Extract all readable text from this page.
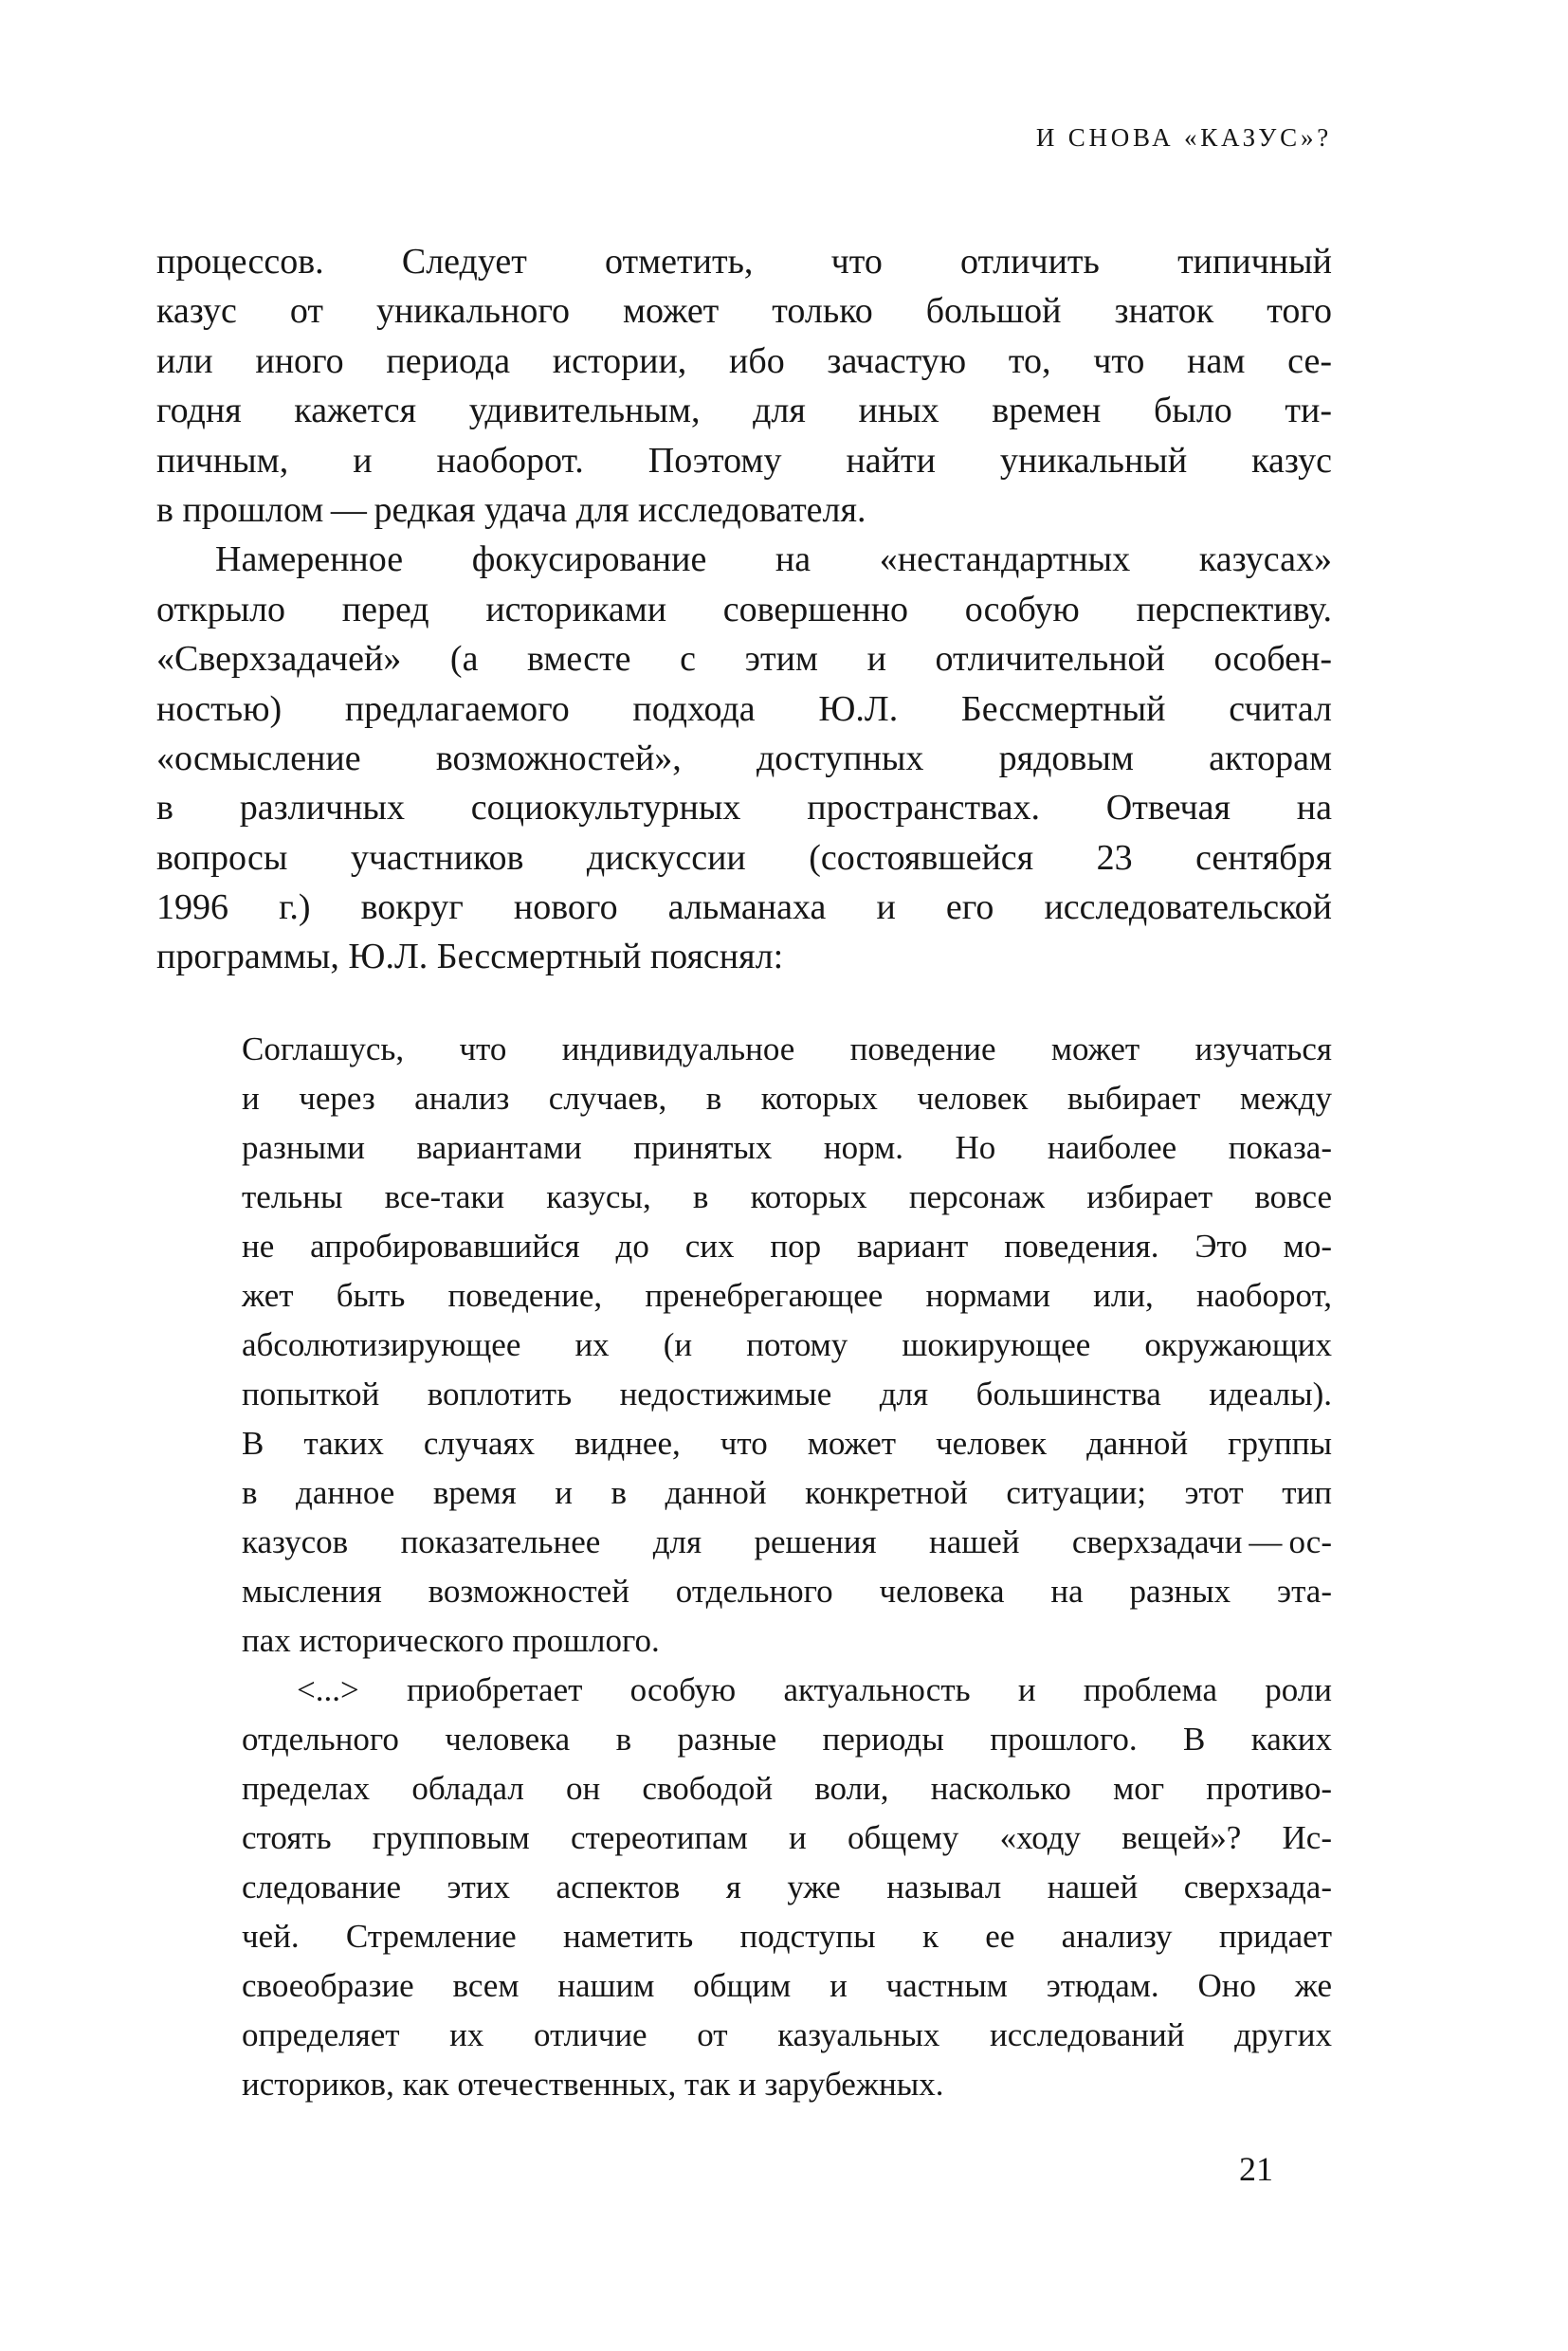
И СНОВА «КАЗУС»?
процессов. Следует отметить, что отличить типичный
казус от уникального может только большой знаток того
или иного периода истории, ибо зачастую то, что нам се-
годня кажется удивительным, для иных времен было ти-
пичным, и наоборот. Поэтому найти уникальный казус
в прошлом — редкая удача для исследователя.
Намеренное фокусирование на «нестандартных казусах»
открыло перед историками совершенно особую перспективу.
«Сверхзадачей» (а вместе с этим и отличительной особен-
ностью) предлагаемого подхода Ю.Л. Бессмертный считал
«осмысление возможностей», доступных рядовым акторам
в различных социокультурных пространствах. Отвечая на
вопросы участников дискуссии (состоявшейся 23 сентября
1996 г.) вокруг нового альманаха и его исследовательской
программы, Ю.Л. Бессмертный пояснял:
Соглашусь, что индивидуальное поведение может изучаться
и через анализ случаев, в которых человек выбирает между
разными вариантами принятых норм. Но наиболее показа-
тельны все-таки казусы, в которых персонаж избирает вовсе
не апробировавшийся до сих пор вариант поведения. Это мо-
жет быть поведение, пренебрегающее нормами или, наоборот,
абсолютизирующее их (и потому шокирующее окружающих
попыткой воплотить недостижимые для большинства идеалы).
В таких случаях виднее, что может человек данной группы
в данное время и в данной конкретной ситуации; этот тип
казусов показательнее для решения нашей сверхзадачи — ос-
мысления возможностей отдельного человека на разных эта-
пах исторического прошлого.
<...> приобретает особую актуальность и проблема роли
отдельного человека в разные периоды прошлого. В каких
пределах обладал он свободой воли, насколько мог противо-
стоять групповым стереотипам и общему «ходу вещей»? Ис-
следование этих аспектов я уже называл нашей сверхзада-
чей. Стремление наметить подступы к ее анализу придает
своеобразие всем нашим общим и частным этюдам. Оно же
определяет их отличие от казуальных исследований других
историков, как отечественных, так и зарубежных.
21
